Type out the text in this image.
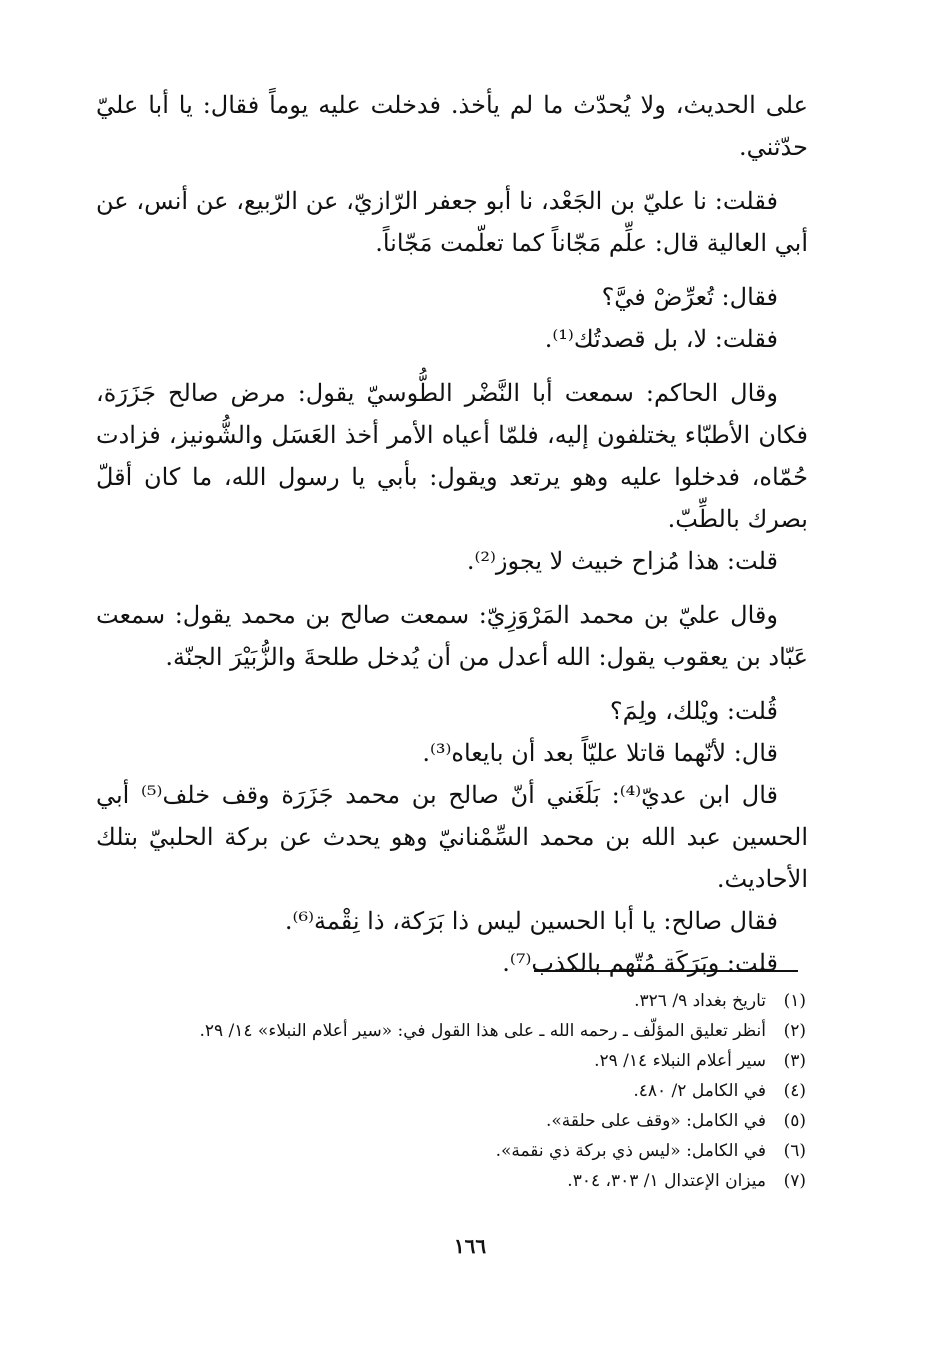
على الحديث، ولا يُحدّث ما لم يأخذ. فدخلت عليه يوماً فقال: يا أبا عليّ حدّثني.

فقلت: نا عليّ بن الجَعْد، نا أبو جعفر الرّازيّ، عن الرّبيع، عن أنس، عن أبي العالية قال: علِّم مَجّاناً كما تعلّمت مَجّاناً.

فقال: تُعرِّضْ فيَّ؟

فقلت: لا، بل قصدتُك⁽¹⁾.

وقال الحاكم: سمعت أبا النَّضْر الطُّوسيّ يقول: مرض صالح جَزَرَة، فكان الأطبّاء يختلفون إليه، فلمّا أعياه الأمر أخذ العَسَل والشُّونيز، فزادت حُمّاه، فدخلوا عليه وهو يرتعد ويقول: بأبي يا رسول الله، ما كان أقلّ بصرك بالطِّبّ.

قلت: هذا مُزاح خبيث لا يجوز⁽²⁾.

وقال عليّ بن محمد المَرْوَزِيّ: سمعت صالح بن محمد يقول: سمعت عَبّاد بن يعقوب يقول: الله أعدل من أن يُدخل طلحةَ والزُّبَيْرَ الجنّة.

قُلت: ويْلك، ولِمَ؟

قال: لأنّهما قاتلا عليّاً بعد أن بايعاه⁽³⁾.

قال ابن عديّ⁽⁴⁾: بَلَغَني أنّ صالح بن محمد جَزَرَة وقف خلف⁽⁵⁾ أبي الحسين عبد الله بن محمد السِّمْنانيّ وهو يحدث عن بركة الحلبيّ بتلك الأحاديث.

فقال صالح: يا أبا الحسين ليس ذا بَرَكة، ذا نِقْمة⁽⁶⁾.

قلت: وبَرَكَة مُتّهم بالكذب⁽⁷⁾.

(١)تاريخ بغداد ٩/ ٣٢٦.

(٢)أنظر تعليق المؤلّف ـ رحمه الله ـ على هذا القول في: «سير أعلام النبلاء» ١٤/ ٢٩.

(٣)سير أعلام النبلاء ١٤/ ٢٩.

(٤)في الكامل ٢/ ٤٨٠.

(٥)في الكامل: «وقف على حلقة».

(٦)في الكامل: «ليس ذي بركة ذي نقمة».

(٧)ميزان الإعتدال ١/ ٣٠٣، ٣٠٤.

١٦٦
